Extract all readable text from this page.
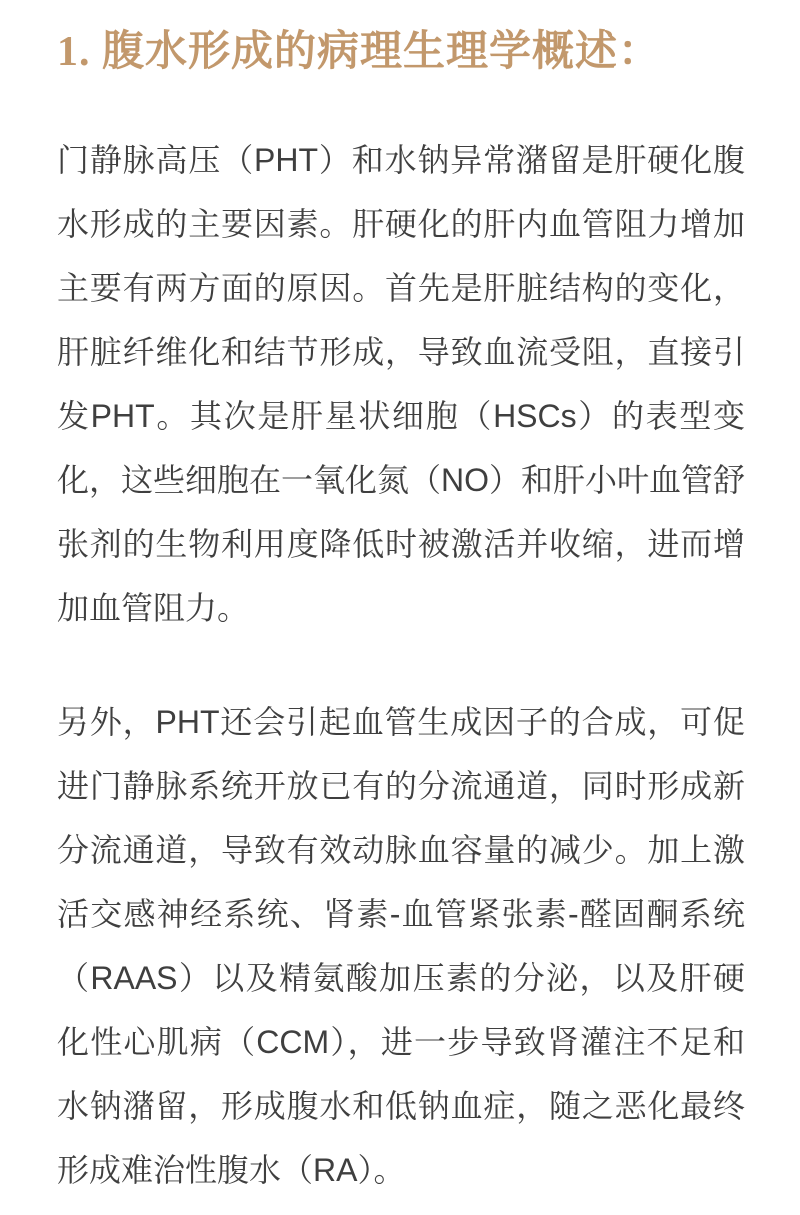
1. 腹水形成的病理生理学概述：

门静脉高压（PHT）和水钠异常潴留是肝硬化腹水形成的主要因素。肝硬化的肝内血管阻力增加主要有两方面的原因。首先是肝脏结构的变化，肝脏纤维化和结节形成，导致血流受阻，直接引发PHT。其次是肝星状细胞（HSCs）的表型变化，这些细胞在一氧化氮（NO）和肝小叶血管舒张剂的生物利用度降低时被激活并收缩，进而增加血管阻力。

另外，PHT还会引起血管生成因子的合成，可促进门静脉系统开放已有的分流通道，同时形成新分流通道，导致有效动脉血容量的减少。加上激活交感神经系统、肾素-血管紧张素-醛固酮系统（RAAS）以及精氨酸加压素的分泌，以及肝硬化性心肌病（CCM），进一步导致肾灌注不足和水钠潴留，形成腹水和低钠血症，随之恶化最终形成难治性腹水（RA）。
